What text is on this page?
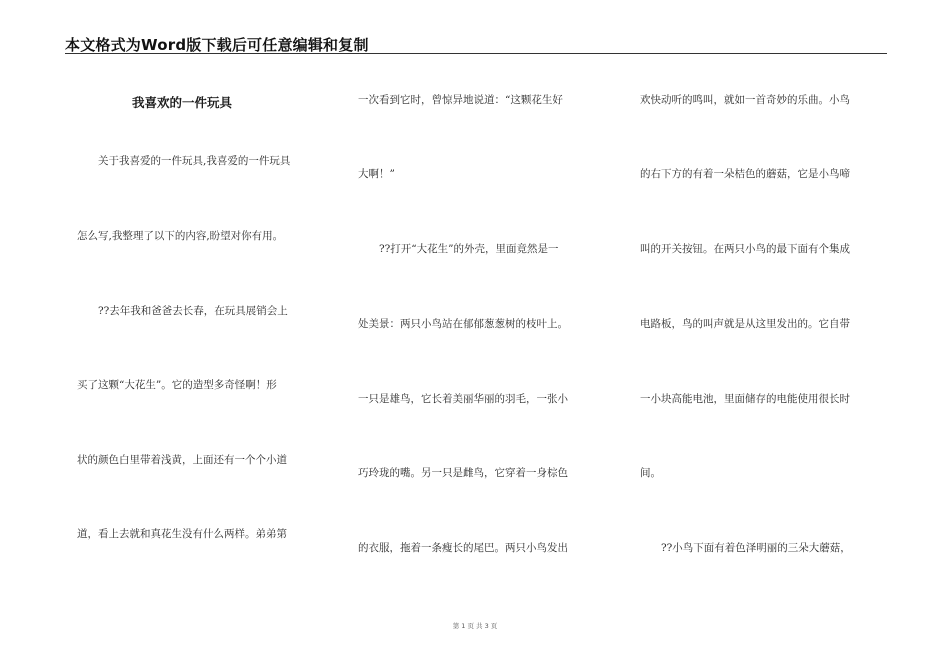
本文格式为Word版下载后可任意编辑和复制
我喜欢的一件玩具
　　关于我喜爱的一件玩具,我喜爱的一件玩具
怎么写,我整理了以下的内容,盼望对你有用。
　　??去年我和爸爸去长春，在玩具展销会上
买了这颗“大花生”。它的造型多奇怪啊！形
状的颜色白里带着浅黄，上面还有一个个小道
道，看上去就和真花生没有什么两样。弟弟第
一次看到它时，曾惊异地说道：“这颗花生好
大啊！”
　　??打开“大花生”的外壳，里面竟然是一
处美景：两只小鸟站在郁郁葱葱树的枝叶上。
一只是雄鸟，它长着美丽华丽的羽毛，一张小
巧玲珑的嘴。另一只是雌鸟，它穿着一身棕色
的衣服，拖着一条瘦长的尾巴。两只小鸟发出
欢快动听的鸣叫，就如一首奇妙的乐曲。小鸟
的右下方的有着一朵桔色的蘑菇，它是小鸟啼
叫的开关按钮。在两只小鸟的最下面有个集成
电路板，鸟的叫声就是从这里发出的。它自带
一小块高能电池，里面储存的电能使用很长时
间。
　　??小鸟下面有着色泽明丽的三朵大蘑菇，
第 1 页 共 3 页
